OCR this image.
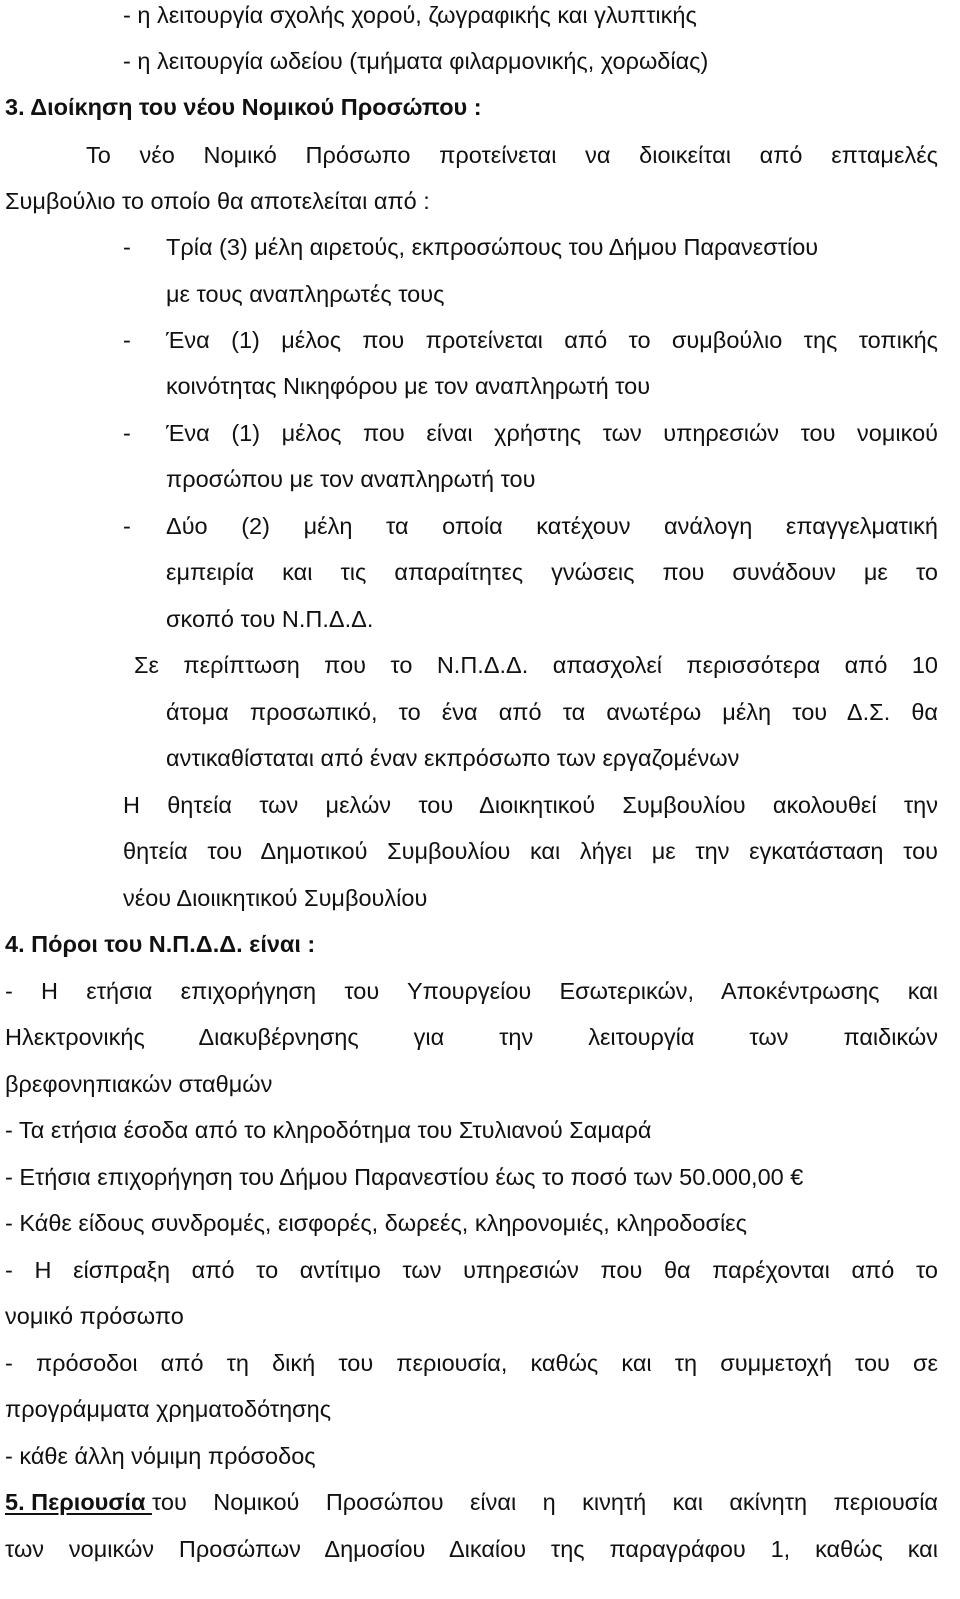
- η λειτουργία σχολής χορού, ζωγραφικής και γλυπτικής
- η λειτουργία ωδείου (τμήματα φιλαρμονικής, χορωδίας)
3. Διοίκηση του νέου Νομικού Προσώπου :
Το νέο Νομικό Πρόσωπο προτείνεται να διοικείται από επταμελές
Συμβούλιο το οποίο θα αποτελείται από :
- Τρία (3) μέλη αιρετούς, εκπροσώπους του Δήμου Παρανεστίου
με τους αναπληρωτές τους
- Ένα (1) μέλος που προτείνεται από το συμβούλιο της τοπικής
κοινότητας Νικηφόρου με τον αναπληρωτή του
- Ένα (1) μέλος που είναι χρήστης των υπηρεσιών του νομικού
προσώπου με τον αναπληρωτή του
- Δύο (2) μέλη τα οποία κατέχουν ανάλογη επαγγελματική
εμπειρία και τις απαραίτητες γνώσεις που συνάδουν με το
σκοπό του Ν.Π.Δ.Δ.
Σε περίπτωση που το Ν.Π.Δ.Δ. απασχολεί περισσότερα από 10
άτομα προσωπικό, το ένα από τα ανωτέρω μέλη του Δ.Σ. θα
αντικαθίσταται από έναν εκπρόσωπο των εργαζομένων
Η θητεία των μελών του Διοικητικού Συμβουλίου ακολουθεί την
θητεία του Δημοτικού Συμβουλίου και λήγει με την εγκατάσταση του
νέου Διοιικητικού Συμβουλίου
4. Πόροι του Ν.Π.Δ.Δ. είναι :
- Η ετήσια επιχορήγηση του Υπουργείου Εσωτερικών, Αποκέντρωσης και
Ηλεκτρονικής Διακυβέρνησης για την λειτουργία των παιδικών
βρεφονηπιακών σταθμών
- Τα ετήσια έσοδα από το κληροδότημα του Στυλιανού Σαμαρά
- Ετήσια επιχορήγηση του Δήμου Παρανεστίου έως το ποσό των 50.000,00 €
- Κάθε είδους συνδρομές, εισφορές, δωρεές, κληρονομιές, κληροδοσίες
- Η είσπραξη από το αντίτιμο των υπηρεσιών που θα παρέχονται από το
νομικό πρόσωπο
- πρόσοδοι από τη δική του περιουσία, καθώς και τη συμμετοχή του σε
προγράμματα χρηματοδότησης
- κάθε άλλη νόμιμη πρόσοδος
5. Περιουσία του Νομικού Προσώπου είναι η κινητή και ακίνητη περιουσία
των νομικών Προσώπων Δημοσίου Δικαίου της παραγράφου 1, καθώς και
